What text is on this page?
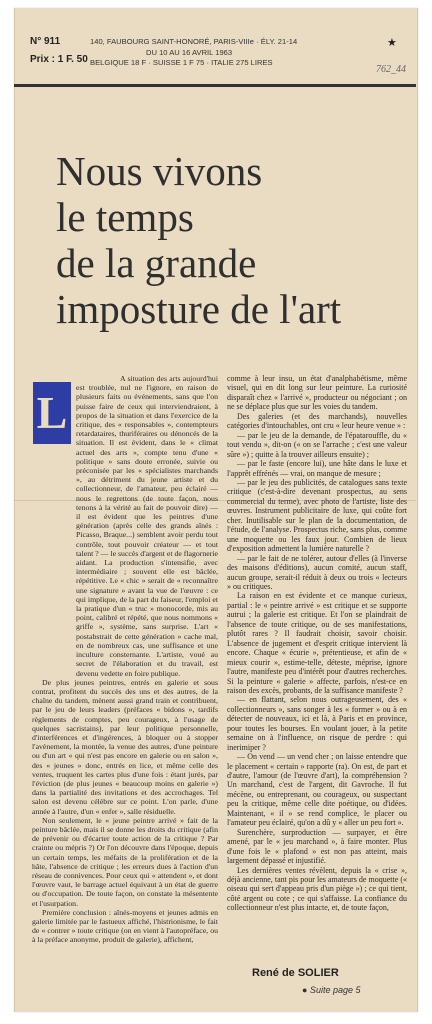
N° 911
Prix : 1 F. 50
140, FAUBOURG SAINT-HONORÉ, PARIS-VIIIe · ÉLY. 21-14
DU 10 AU 16 AVRIL 1963
BELGIQUE 18 F · SUISSE 1 F 75 · ITALIE 275 LIRES
★
762_44
Nous vivons
le temps
de la grande
imposture de l'art
L

A situation des arts aujourd'hui est troublée, nul ne l'ignore, en raison de plusieurs faits ou événements, sans que l'on puisse faire de ceux qui interviendraient, à propos de la situation et dans l'exercice de la critique, des « responsables », contempteurs retardataires, thuriféraires ou dénoncés de la situation. Il est évident, dans le « climat actuel des arts », compte tenu d'une « politique » sans doute erronée, suivie ou préconisée par les « spécialistes marchands », au détriment du jeune artiste et du collectionneur, de l'amateur, peu éclairé — nous le regrettons (de toute façon, nous tenons à la vérité au fait de pouvoir dire) — il est évident que les peintres d'une génération (après celle des grands aînés : Picasso, Braque...) semblent avoir perdu tout contrôle, tout pouvoir créateur — et tout talent ? — le succès d'argent et de flagornerie aidant. La production s'intensifie, avec intermédiaire ; souvent elle est bâclée, répétitive. Le « chic » serait de « reconnaître une signature » avant la vue de l'œuvre : ce qui implique, de la part du faiseur, l'emploi et la pratique d'un « truc » monocorde, mis au point, calibré et répété, que nous nommons « griffe », système, sans surprise. L'art « postabstrait de cette génération » cache mal, en de nombreux cas, une suffisance et une inculture consternante. L'artiste, voué au secret de l'élaboration et du travail, est devenu vedette en foire publique.

De plus jeunes peintres, entrés en galerie et sous contrat, profitent du succès des uns et des autres, de la chaîne du tandem, mènent aussi grand train et contribuent, par le jeu de leurs leaders (préfaces « bidons », tardifs règlements de comptes, peu courageux, à l'usage de quelques sacristains), par leur politique personnelle, d'interférences et d'ingérences, à bloquer ou à stopper l'avènement, la montée, la venue des autres, d'une peinture ou d'un art « qui n'est pas encore en galerie ou en salon », des « jeunes » donc, entrés en lice, et même celle des ventes, truquent les cartes plus d'une fois : étant jurés, par l'éviction (de plus jeunes « beaucoup moins en galerie ») dans la partialité des invitations et des accrochages. Tel salon est devenu célèbre sur ce point. L'on parle, d'une année à l'autre, d'un « enfer », salle résiduelle.

Non seulement, le « jeune peintre arrivé » fait de la peinture bâclée, mais il se donne les droits du critique (afin de prévenir ou d'écarter toute action de la critique ? Par crainte ou mépris ?) Or l'on découvre dans l'époque, depuis un certain temps, les méfaits de la prolifération et de la hâte, l'absence de critique ; les erreurs dues à l'action d'un réseau de connivences. Pour ceux qui « attendent », et dont l'œuvre vaut, le barrage actuel équivaut à un état de guerre ou d'occupation. De toute façon, on constate la mésentente et l'usurpation.

Première conclusion : aînés-moyens et jeunes admis en galerie limitée par le fastueux affiché, l'histrionisme, le fait de « contrer » toute critique (on en vient à l'autopréface, ou à la préface anonyme, produit de galerie), affichent,

comme à leur insu, un état d'analphabétisme, même visuel, qui en dit long sur leur peinture. La curiosité disparaît chez « l'arrivé », producteur ou négociant ; on ne se déplace plus que sur les voies du tandem.

Des galeries (et des marchands), nouvelles catégories d'intouchables, ont cru « leur heure venue » :

— par le jeu de la demande, de l'épatarouffle, du « tout vendu », dit-on (« on se l'arrache ; c'est une valeur sûre ») ; quitte à la trouver ailleurs ensuite) ;

— par le faste (encore lui), une hâte dans le luxe et l'apprêt effrénés — vrai, on manque de mesure ;

— par le jeu des publicités, de catalogues sans texte critique (c'est-à-dire devenant prospectus, au sens commercial du terme), avec photo de l'artiste, liste des œuvres. Instrument publicitaire de luxe, qui coûte fort cher. Inutilisable sur le plan de la documentation, de l'étude, de l'analyse. Prospectus riche, sans plus, comme une moquette ou les faux jour. Combien de lieux d'exposition admettent la lumière naturelle ?

— par le fait de ne tolérer, autour d'elles (à l'inverse des maisons d'éditions), aucun comité, aucun staff, aucun groupe, serait-il réduit à deux ou trois « lecteurs » ou critiques.

La raison en est évidente et ce manque curieux, partial : le « peintre arrivé » est critique et se supporte autrui ; la galerie est critique. Et l'on se plaindrait de l'absence de toute critique, ou de ses manifestations, plutôt rares ? Il faudrait choisir, savoir choisir. L'absence de jugement et d'esprit critique intervient là encore. Chaque « écurie », prétentieuse, et afin de « mieux courir », estime-telle, déteste, méprise, ignore l'autre, manifeste peu d'intérêt pour d'autres recherches. Si la peinture « galerie » affecte, parfois, n'est-ce en raison des excès, probants, de la suffisance manifeste ?

— en flattant, selon nous outrageusement, des « collectionneurs », sans songer à les « former » ou à en détecter de nouveaux, ici et là, à Paris et en province, pour toutes les bourses. En voulant jouer, à la petite semaine on à l'influence, on risque de perdre : qui inerimiper ?

— On vend — un vend cher ; on laisse entendre que le placement « certain » rapporte (ra). On est, de part et d'autre, l'amour (de l'œuvre d'art), la compréhension ? Un marchand, c'est de l'argent, dit Gavroche. Il fut mécène, ou entreprenant, ou courageux, ou suspectant peu la critique, même celle dite poétique, ou d'idées. Maintenant, « il » se rend complice, le placer ou l'amateur peu éclairé, qu'on a dû y « aller un peu fort ».

Surenchère, surproduction — surpayer, et être amené, par le « jeu marchand », à faire monter. Plus d'une fois le « plafond » est non pas atteint, mais largement dépassé et injustifié.

Les dernières ventes révèlent, depuis la « crise », déjà ancienne, tant pis pour les amateurs de moquette (« oiseau qui sert d'appeau pris d'un piège ») ; ce qui tient, côté argent ou cote ; ce qui s'affaisse. La confiance du collectionneur n'est plus intacte, et, de toute façon,

René de SOLIER
● Suite page 5
